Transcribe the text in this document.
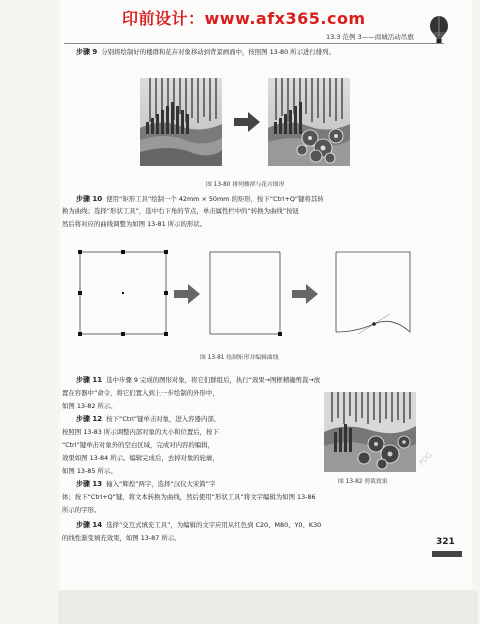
印前设计：www.afx365.com
13.3 范例 3——商城活动吊旗
步骤 9 分别将绘制好的楼群和花卉对象移动到背景画面中，按照图 13-80 所示进行排列。
图 13-80 排列楼群与花卉图形
步骤 10 使用“矩形工具”绘制一个 42mm × 50mm 的矩形，按下“Ctrl+Q”键将其转
换为曲线；选择“形状工具”，选中右下角的节点，单击属性栏中的“转换为曲线”按钮
然后将对应的曲线调整为如图 13-81 所示的形状。
图 13-81 绘制矩形并编辑曲线
步骤 11 选中步骤 9 完成的图形对象，将它们群组后，执行“效果→图框精确剪裁→放
置在容器中”命令，将它们置入到上一步绘制的外形中，
如图 13-82 所示。
步骤 12 按下“Ctrl”键单击对象，进入容器内部，
按照图 13-83 所示调整内部对象的大小和位置后，按下
“Ctrl”键单击对象外的空白区域，完成对内容的编辑，
效果如图 13-84 所示。编辑完成后，去掉对象的轮廓，
如图 13-85 所示。
图 13-82 剪裁效果
PDG
步骤 13 输入“辉煌”两字，选择“汉仪大宋简”字
体；按下“Ctrl+Q”键，将文本转换为曲线，然后使用“形状工具”将文字编辑为如图 13-86
所示的字形。
步骤 14 选择“交互式填充工具”，为编辑的文字应用从红色到 C20、M80、Y0、K30
的线性渐变填充效果，如图 13-87 所示。	321
